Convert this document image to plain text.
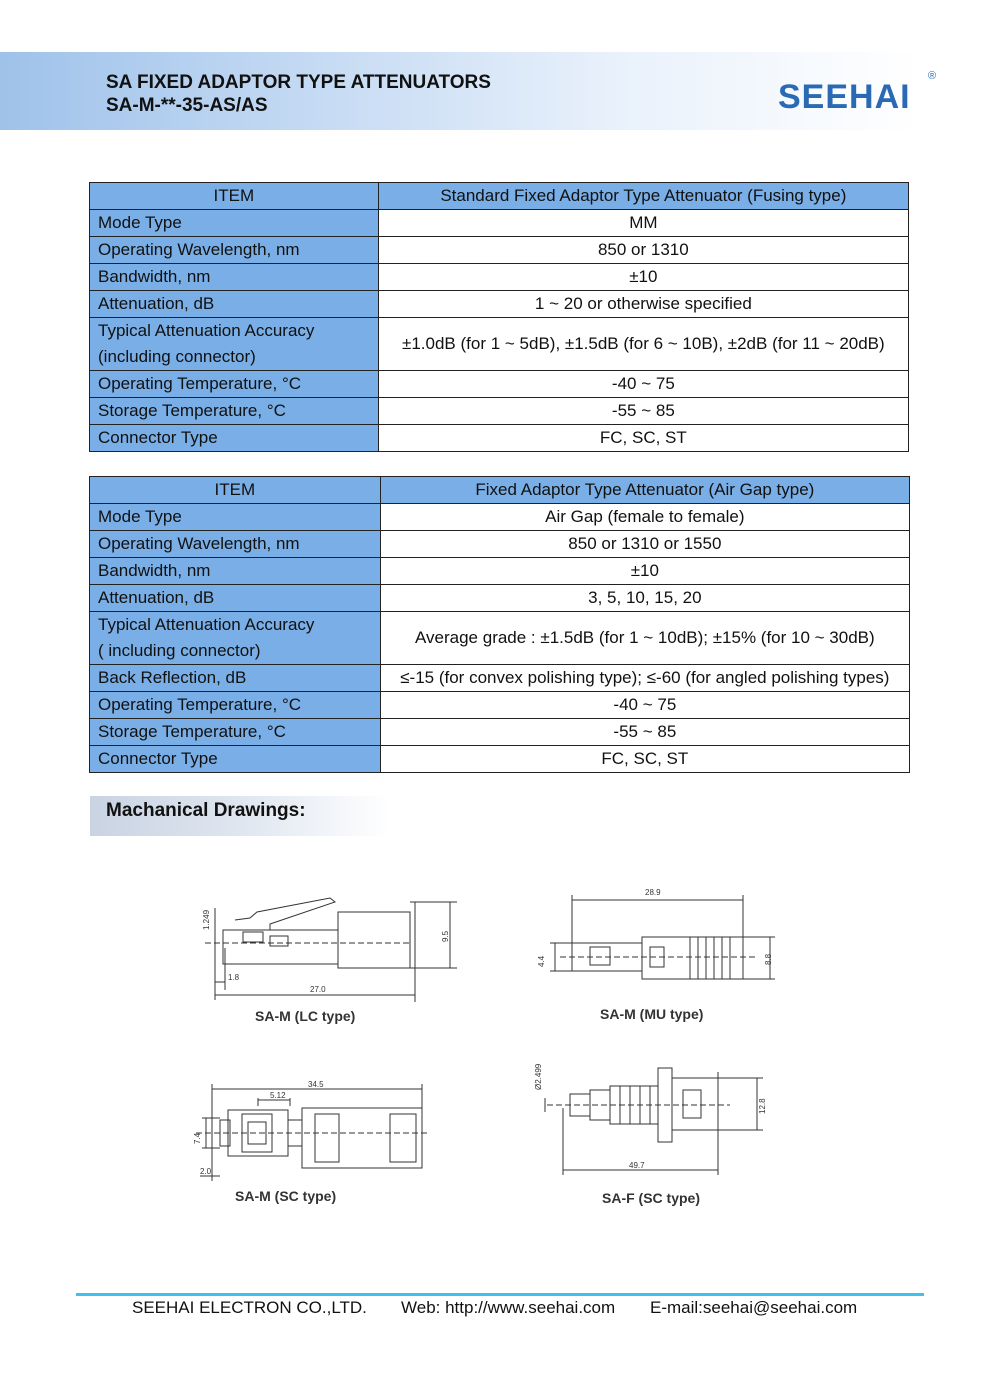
SA FIXED ADAPTOR TYPE ATTENUATORS
SA-M-**-35-AS/AS	SEEHAI
®
ITEM	Standard Fixed Adaptor Type Attenuator (Fusing type)
Mode Type	MM
Operating Wavelength, nm	850 or 1310
Bandwidth, nm	±10
Attenuation, dB	1 ~ 20 or otherwise specified
Typical Attenuation Accuracy
(including connector)	±1.0dB (for 1 ~ 5dB), ±1.5dB (for 6 ~ 10B), ±2dB (for 11 ~ 20dB)
Operating Temperature, °C	-40 ~ 75
Storage Temperature, °C	-55 ~ 85
Connector Type	FC, SC, ST
ITEM	Fixed Adaptor Type Attenuator (Air Gap type)
Mode Type	Air Gap (female to female)
Operating Wavelength, nm	850 or 1310 or 1550
Bandwidth, nm	±10
Attenuation, dB	3, 5, 10, 15, 20
Typical Attenuation Accuracy
( including connector)	Average grade : ±1.5dB (for 1 ~ 10dB); ±15% (for 10 ~ 30dB)
Back Reflection, dB	≤-15 (for convex polishing type); ≤-60 (for angled polishing types)
Operating Temperature, °C	-40 ~ 75
Storage Temperature, °C	-55 ~ 85
Connector Type	FC, SC, ST
Machanical Drawings:
1.249
9.5
1.8
27.0
SA-M (LC type)
28.9
4.4	8.8
SA-M (MU type)
34.5
5.12
7.4
2.0
SA-M (SC type)
Ø2.499
12.8
49.7
SA-F (SC type)
SEEHAI ELECTRON CO.,LTD. Web: http://www.seehai.com E-mail:seehai@seehai.com
